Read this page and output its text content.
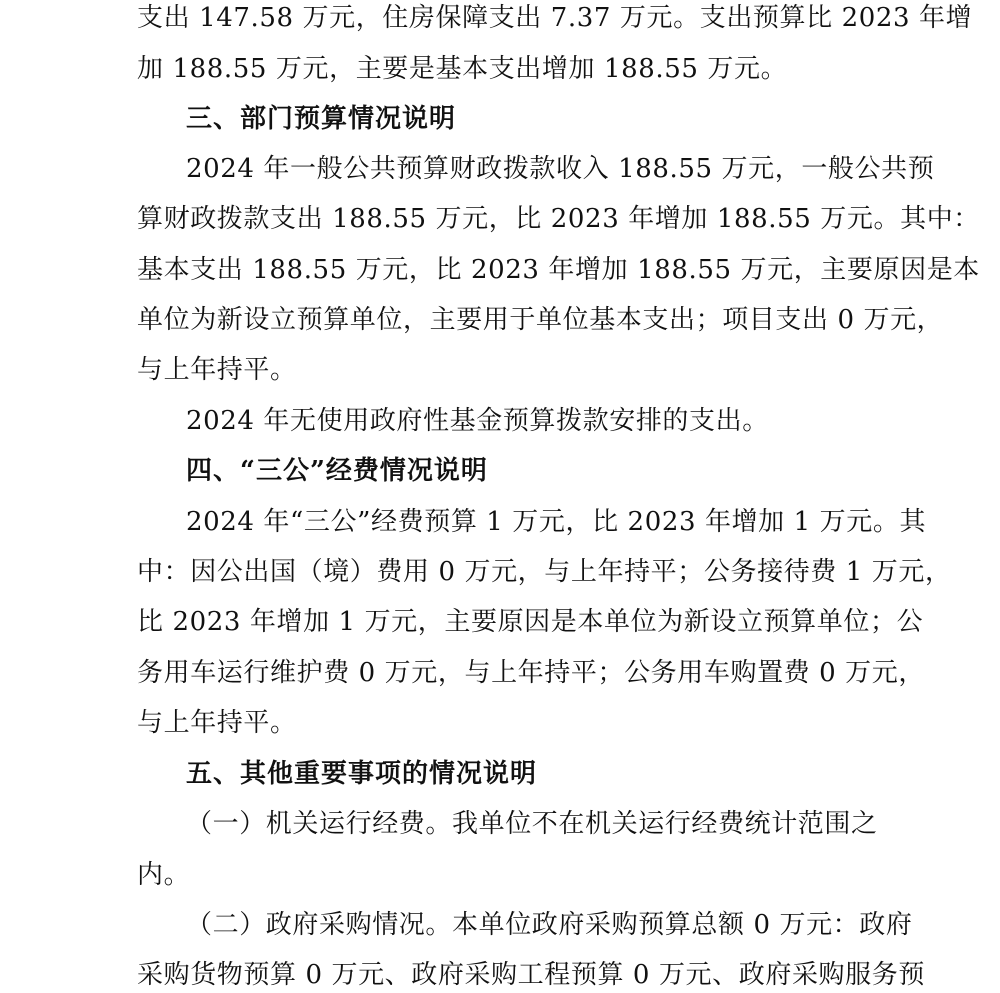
支出 147.58 万元，住房保障支出 7.37 万元。支出预算比 2023 年增
加 188.55 万元，主要是基本支出增加 188.55 万元。
三、部门预算情况说明
2024 年一般公共预算财政拨款收入 188.55 万元，一般公共预
算财政拨款支出 188.55 万元，比 2023 年增加 188.55 万元。其中：
基本支出 188.55 万元，比 2023 年增加 188.55 万元，主要原因是本
单位为新设立预算单位，主要用于单位基本支出；项目支出 0 万元，
与上年持平。
2024 年无使用政府性基金预算拨款安排的支出。
四、“三公”经费情况说明
2024 年“三公”经费预算 1 万元，比 2023 年增加 1 万元。其
中：因公出国（境）费用 0 万元，与上年持平；公务接待费 1 万元，
比 2023 年增加 1 万元，主要原因是本单位为新设立预算单位；公
务用车运行维护费 0 万元，与上年持平；公务用车购置费 0 万元，
与上年持平。
五、其他重要事项的情况说明
（一）机关运行经费。我单位不在机关运行经费统计范围之
内。
（二）政府采购情况。本单位政府采购预算总额 0 万元：政府
采购货物预算 0 万元、政府采购工程预算 0 万元、政府采购服务预
